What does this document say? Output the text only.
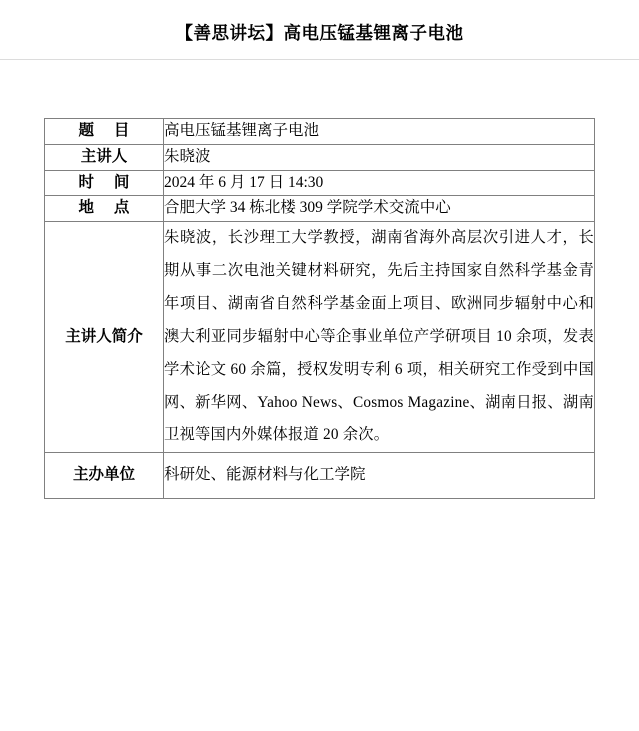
【善思讲坛】高电压锰基锂离子电池
题 目	高电压锰基锂离子电池
主讲人	朱晓波
时 间	2024 年 6 月 17 日 14:30
地 点	合肥大学 34 栋北楼 309 学院学术交流中心
主讲人简介	朱晓波，长沙理工大学教授，湖南省海外高层次引进人才，长期从事二次电池关键材料研究，先后主持国家自然科学基金青年项目、湖南省自然科学基金面上项目、欧洲同步辐射中心和澳大利亚同步辐射中心等企事业单位产学研项目 10 余项，发表学术论文 60 余篇，授权发明专利 6 项，相关研究工作受到中国网、新华网、Yahoo News、Cosmos Magazine、湖南日报、湖南卫视等国内外媒体报道 20 余次。
主办单位	科研处、能源材料与化工学院
